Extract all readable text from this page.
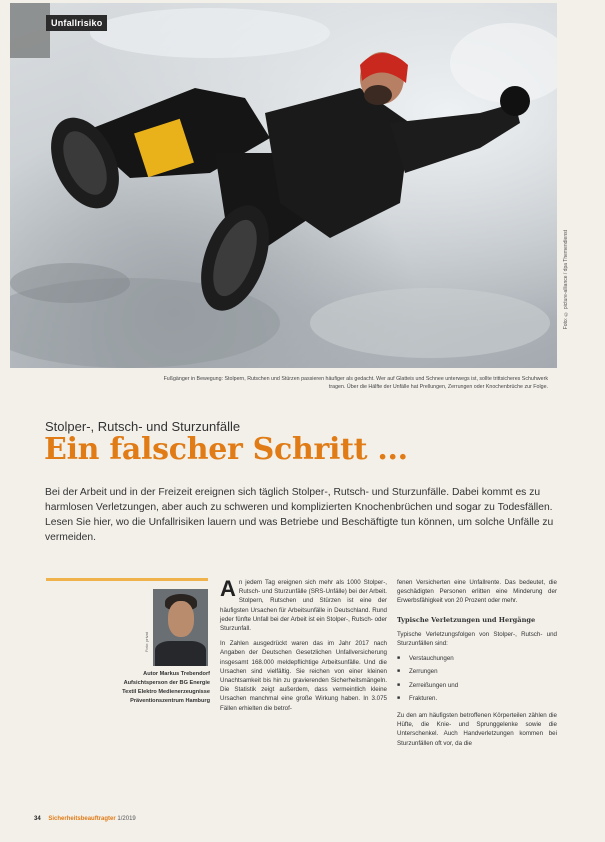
Unfallrisiko
Foto: © picture-alliance / dpa Themendienst
Fußgänger in Bewegung: Stolpern, Rutschen und Stürzen passieren häufiger als gedacht. Wer auf Glatteis und Schnee unterwegs ist, sollte trittsicheres Schuhwerk tragen. Über die Hälfte der Unfälle hat Prellungen, Zerrungen oder Knochenbrüche zur Folge.
Stolper-, Rutsch- und Sturzunfälle
Ein falscher Schritt ...
Bei der Arbeit und in der Freizeit ereignen sich täglich Stolper-, Rutsch- und Sturzunfälle. Dabei kommt es zu harmlosen Verletzungen, aber auch zu schweren und komplizierten Knochenbrüchen und sogar zu Todesfällen. Lesen Sie hier, wo die Unfallrisiken lauern und was Betriebe und Beschäftigte tun können, um solche Unfälle zu vermeiden.
Foto: privat
Autor Markus Trebendorf
Aufsichtsperson der BG Energie
Textil Elektro Medienerzeugnisse
Präventionszentrum Hamburg

An jedem Tag ereignen sich mehr als 1000 Stolper-, Rutsch- und Sturzunfälle (SRS-Unfälle) bei der Arbeit. Stolpern, Rutschen und Stürzen ist eine der häufigsten Ursachen für Arbeitsunfälle in Deutschland. Rund jeder fünfte Unfall bei der Arbeit ist ein Stolper-, Rutsch- oder Sturzunfall.

In Zahlen ausgedrückt waren das im Jahr 2017 nach Angaben der Deutschen Gesetzlichen Unfallversicherung insgesamt 168.000 meldepflichtige Arbeitsunfälle. Und die Ursachen sind vielfältig. Sie reichen von einer kleinen Unachtsamkeit bis hin zu gravierenden Sicherheitsmängeln. Die Statistik zeigt außerdem, dass vermeintlich kleine Ursachen manchmal eine große Wirkung haben. In 3.075 Fällen erhielten die betrof-

fenen Versicherten eine Unfallrente. Das bedeutet, die geschädigten Personen erlitten eine Minderung der Erwerbsfähigkeit von 20 Prozent oder mehr.

Typische Verletzungen und Hergänge

Typische Verletzungsfolgen von Stolper-, Rutsch- und Sturzunfällen sind:

■ Verstauchungen
■ Zerrungen
■ Zerreißungen und
■ Frakturen.

Zu den am häufigsten betroffenen Körperteilen zählen die Hüfte, die Knie- und Sprunggelenke sowie die Unterschenkel. Auch Handverletzungen kommen bei Sturzunfällen oft vor, da die

34 Sicherheitsbeauftragter 1/2019
